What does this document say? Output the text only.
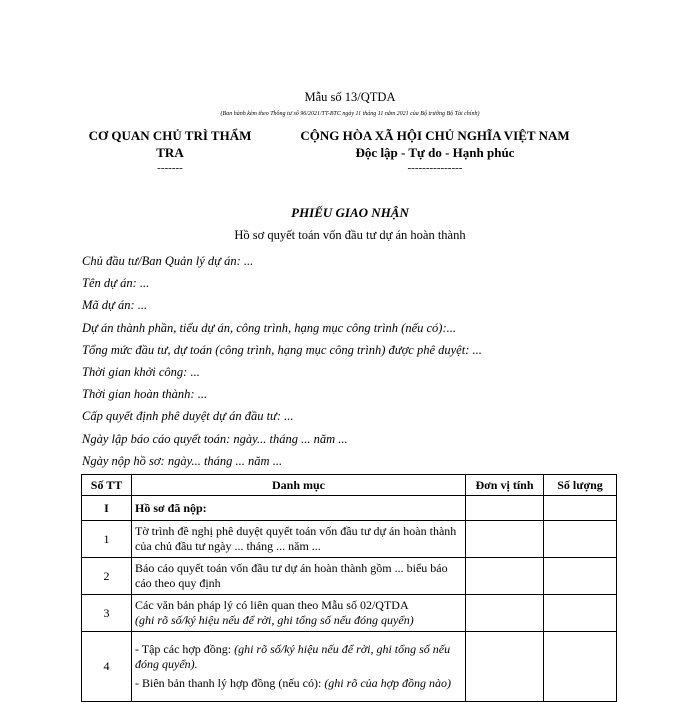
Mẫu số 13/QTDA
(Ban hành kèm theo Thông tư số 96/2021/TT-BTC ngày 11 tháng 11 năm 2021 của Bộ trưởng Bộ Tài chính)
CƠ QUAN CHỦ TRÌ THẨM TRA
-------
CỘNG HÒA XÃ HỘI CHỦ NGHĨA VIỆT NAM
Độc lập - Tự do - Hạnh phúc
---------------
PHIẾU GIAO NHẬN
Hồ sơ quyết toán vốn đầu tư dự án hoàn thành
Chủ đầu tư/Ban Quản lý dự án: ...
Tên dự án: ...
Mã dự án: ...
Dự án thành phần, tiểu dự án, công trình, hạng mục công trình (nếu có):...
Tổng mức đầu tư, dự toán (công trình, hạng mục công trình) được phê duyệt: ...
Thời gian khởi công: ...
Thời gian hoàn thành: ...
Cấp quyết định phê duyệt dự án đầu tư: ...
Ngày lập báo cáo quyết toán: ngày... tháng ... năm ...
Ngày nộp hồ sơ: ngày... tháng ... năm ...
Số TT	Danh mục	Đơn vị tính	Số lượng
I	Hồ sơ đã nộp:		
1	Tờ trình đề nghị phê duyệt quyết toán vốn đầu tư dự án hoàn thành của chủ đầu tư ngày ... tháng ... năm ...		
2	Báo cáo quyết toán vốn đầu tư dự án hoàn thành gồm ... biểu báo cáo theo quy định		
3	Các văn bản pháp lý có liên quan theo Mẫu số 02/QTDA
(ghi rõ số/ký hiệu nếu để rời, ghi tổng số nếu đóng quyển)		

4	- Tập các hợp đồng: (ghi rõ số/ký hiệu nếu để rời, ghi tổng số nếu đóng quyển).
- Biên bản thanh lý hợp đồng (nếu có): (ghi rõ của hợp đồng nào)		
